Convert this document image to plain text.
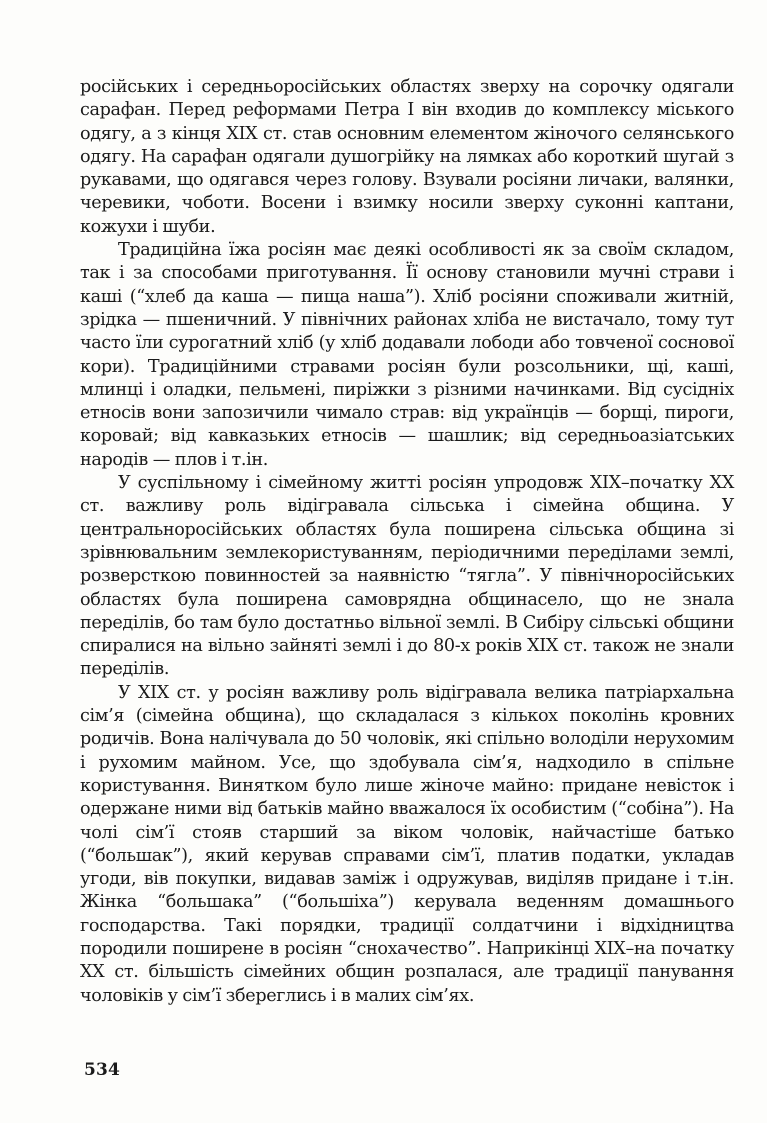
російських і середньоросійських областях зверху на сорочку одягали сарафан. Перед реформами Петра I він входив до комплексу міського одягу, а з кінця XIX ст. став основним елементом жіночого селянського одягу. На сарафан одягали душогрійку на лямках або короткий шугай з рукавами, що одягався через голову. Взували росіяни личаки, валянки, черевики, чоботи. Восени і взимку носили зверху суконні каптани, кожухи і шуби.

Традиційна їжа росіян має деякі особливості як за своїм складом, так і за способами приготування. Її основу становили мучні страви і каші (“хлеб да каша — пища наша”). Хліб росіяни споживали житній, зрідка — пшеничний. У північних районах хліба не вистачало, тому тут часто їли сурогатний хліб (у хліб додавали лободи або товченої соснової кори). Традиційними стравами росіян були розсольники, щі, каші, млинці і оладки, пельмені, пиріжки з різними начинками. Від сусідніх етносів вони запозичили чимало страв: від українців — борщі, пироги, коровай; від кавказьких етносів — шашлик; від середньоазіатських народів — плов і т.ін.

У суспільному і сімейному житті росіян упродовж XIX–початку XX ст. важливу роль відігравала сільська і сімейна община. У центральноросійських областях була поширена сільська община зі зрівнювальним землекористуванням, періодичними переділами землі, розверсткою повинностей за наявністю “тягла”. У північноросійських областях була поширена самоврядна общинасело, що не знала переділів, бо там було достатньо вільної землі. В Сибіру сільські общини спиралися на вільно зайняті землі і до 80-х років XIX ст. також не знали переділів.

У XIX ст. у росіян важливу роль відігравала велика патріархальна сім’я (сімейна община), що складалася з кількох поколінь кровних родичів. Вона налічувала до 50 чоловік, які спільно володіли нерухомим і рухомим майном. Усе, що здобувала сім’я, надходило в спільне користування. Винятком було лише жіноче майно: придане невісток і одержане ними від батьків майно вважалося їх особистим (“собіна”). На чолі сім’ї стояв старший за віком чоловік, найчастіше батько (“большак”), який керував справами сім’ї, платив податки, укладав угоди, вів покупки, видавав заміж і одружував, виділяв придане і т.ін. Жінка “большака” (“большіха”) керувала веденням домашнього господарства. Такі порядки, традиції солдатчини і відхідництва породили поширене в росіян “снохачество”. Наприкінці XIX–на початку XX ст. більшість сімейних общин розпалася, але традиції панування чоловіків у сім’ї збереглись і в малих сім’ях.

534
